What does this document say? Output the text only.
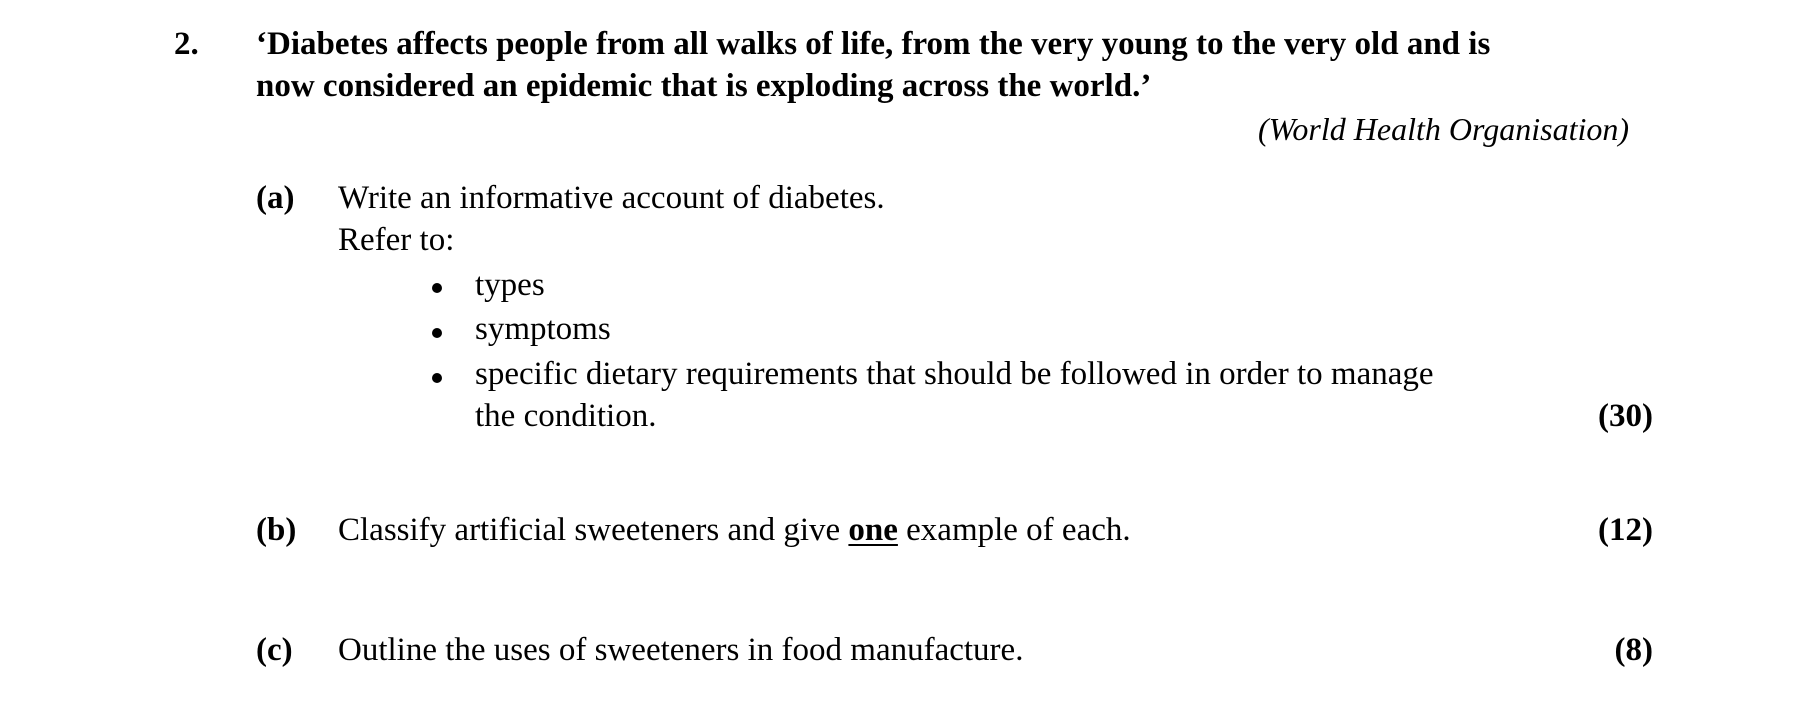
2. ‘Diabetes affects people from all walks of life, from the very young to the very old and is
now considered an epidemic that is exploding across the world.’
(World Health Organisation)
(a) Write an informative account of diabetes.
Refer to:
types
symptoms
specific dietary requirements that should be followed in order to manage
the condition.	(30)
(b) Classify artificial sweeteners and give one example of each.	(12)
(c) Outline the uses of sweeteners in food manufacture.	(8)
